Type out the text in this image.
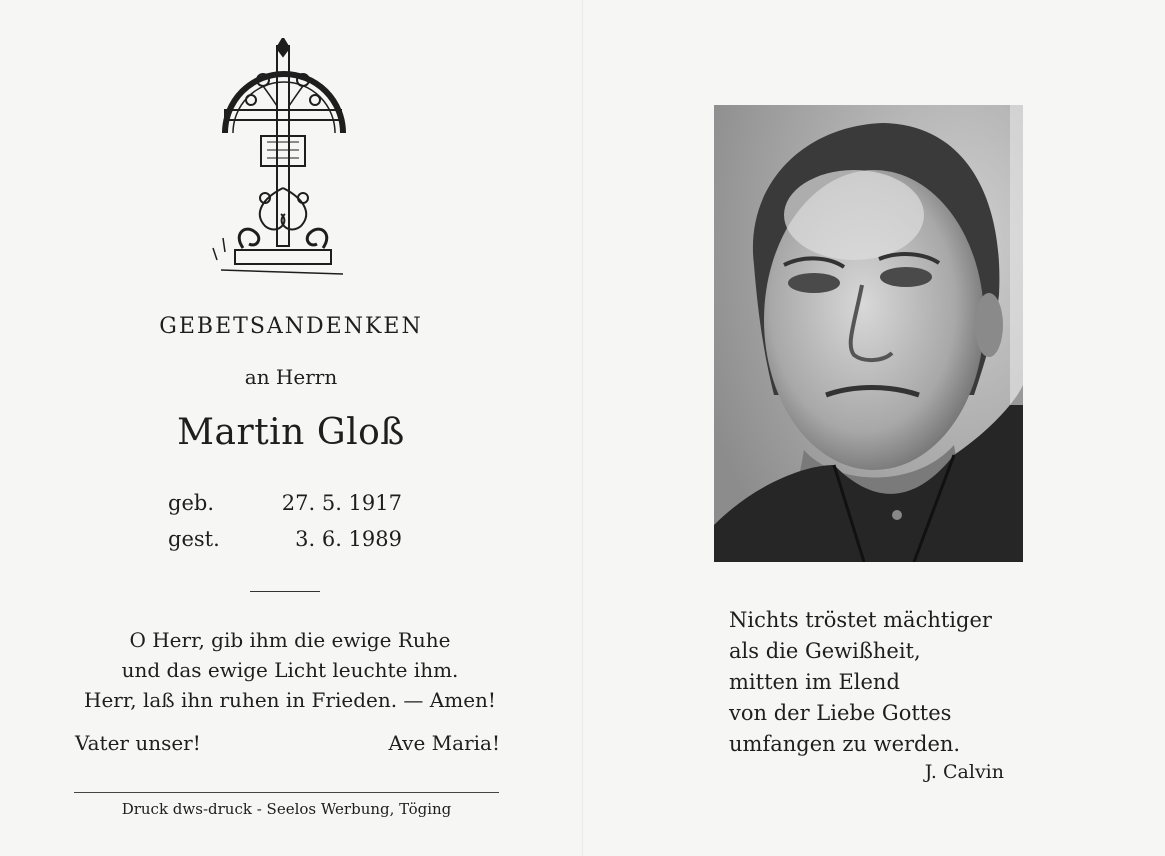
GEBETSANDENKEN
an Herrn
Martin Gloß
geb.	27. 5. 1917
gest.	3. 6. 1989
O Herr, gib ihm die ewige Ruhe
und das ewige Licht leuchte ihm.
Herr, laß ihn ruhen in Frieden. — Amen!
Vater unser!	Ave Maria!
Druck dws-druck - Seelos Werbung, Töging
Nichts tröstet mächtiger
als die Gewißheit,
mitten im Elend
von der Liebe Gottes
umfangen zu werden.
J. Calvin
